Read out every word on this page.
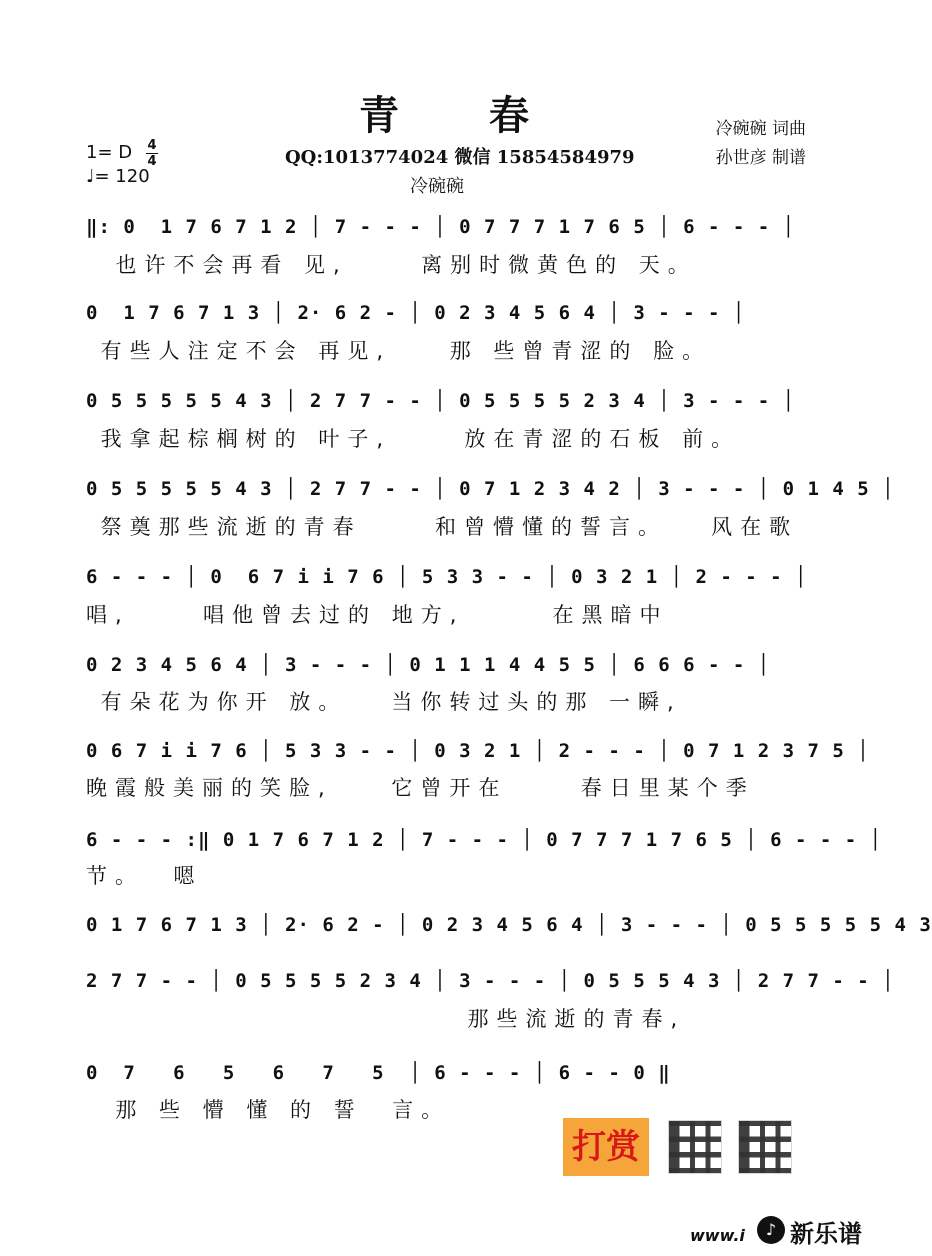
青 春	冷碗碗 词曲
孙世彦 制谱
QQ:1013774024 微信 15854584979
冷碗碗
1= D 4
4
♩= 120
‖: 0  1 7 6 7 1 2 │ 7 - - - │ 0 7 7 7 1 7 6 5 │ 6 - - - │
也许不会再看 见,     离别时微黄色的 天。
0  1 7 6 7 1 3 │ 2· 6 2 - │ 0 2 3 4 5 6 4 │ 3 - - - │
有些人注定不会 再见,    那 些曾青涩的 脸。
0 5 5 5 5 5 4 3 │ 2 7 7 - - │ 0 5 5 5 5 2 3 4 │ 3 - - - │
我拿起棕榈树的 叶子,     放在青涩的石板 前。
0 5 5 5 5 5 4 3 │ 2 7 7 - - │ 0 7 1 2 3 4 2 │ 3 - - - │ 0 1 4 5 │
祭奠那些流逝的青春     和曾懵懂的誓言。   风在歌
6 - - - │ 0  6 7 i i 7 6 │ 5 3 3 - - │ 0 3 2 1 │ 2 - - - │
唱,     唱他曾去过的 地方,      在黑暗中
0 2 3 4 5 6 4 │ 3 - - - │ 0 1 1 1 4 4 5 5 │ 6 6 6 - - │
有朵花为你开 放。   当你转过头的那 一瞬,
0 6 7 i i 7 6 │ 5 3 3 - - │ 0 3 2 1 │ 2 - - - │ 0 7 1 2 3 7 5 │
晚霞般美丽的笑脸,    它曾开在     春日里某个季
6 - - - :‖ 0 1 7 6 7 1 2 │ 7 - - - │ 0 7 7 7 1 7 6 5 │ 6 - - - │
节。  嗯
0 1 7 6 7 1 3 │ 2· 6 2 - │ 0 2 3 4 5 6 4 │ 3 - - - │ 0 5 5 5 5 5 4 3
2 7 7 - - │ 0 5 5 5 5 2 3 4 │ 3 - - - │ 0 5 5 5 4 3 │ 2 7 7 - - │
那些流逝的青春,
0  7   6   5   6   7   5  │ 6 - - - │ 6 - - 0 ‖
那 些 懵 懂 的 誓  言。
打赏
www.i	♪ 新乐谱
